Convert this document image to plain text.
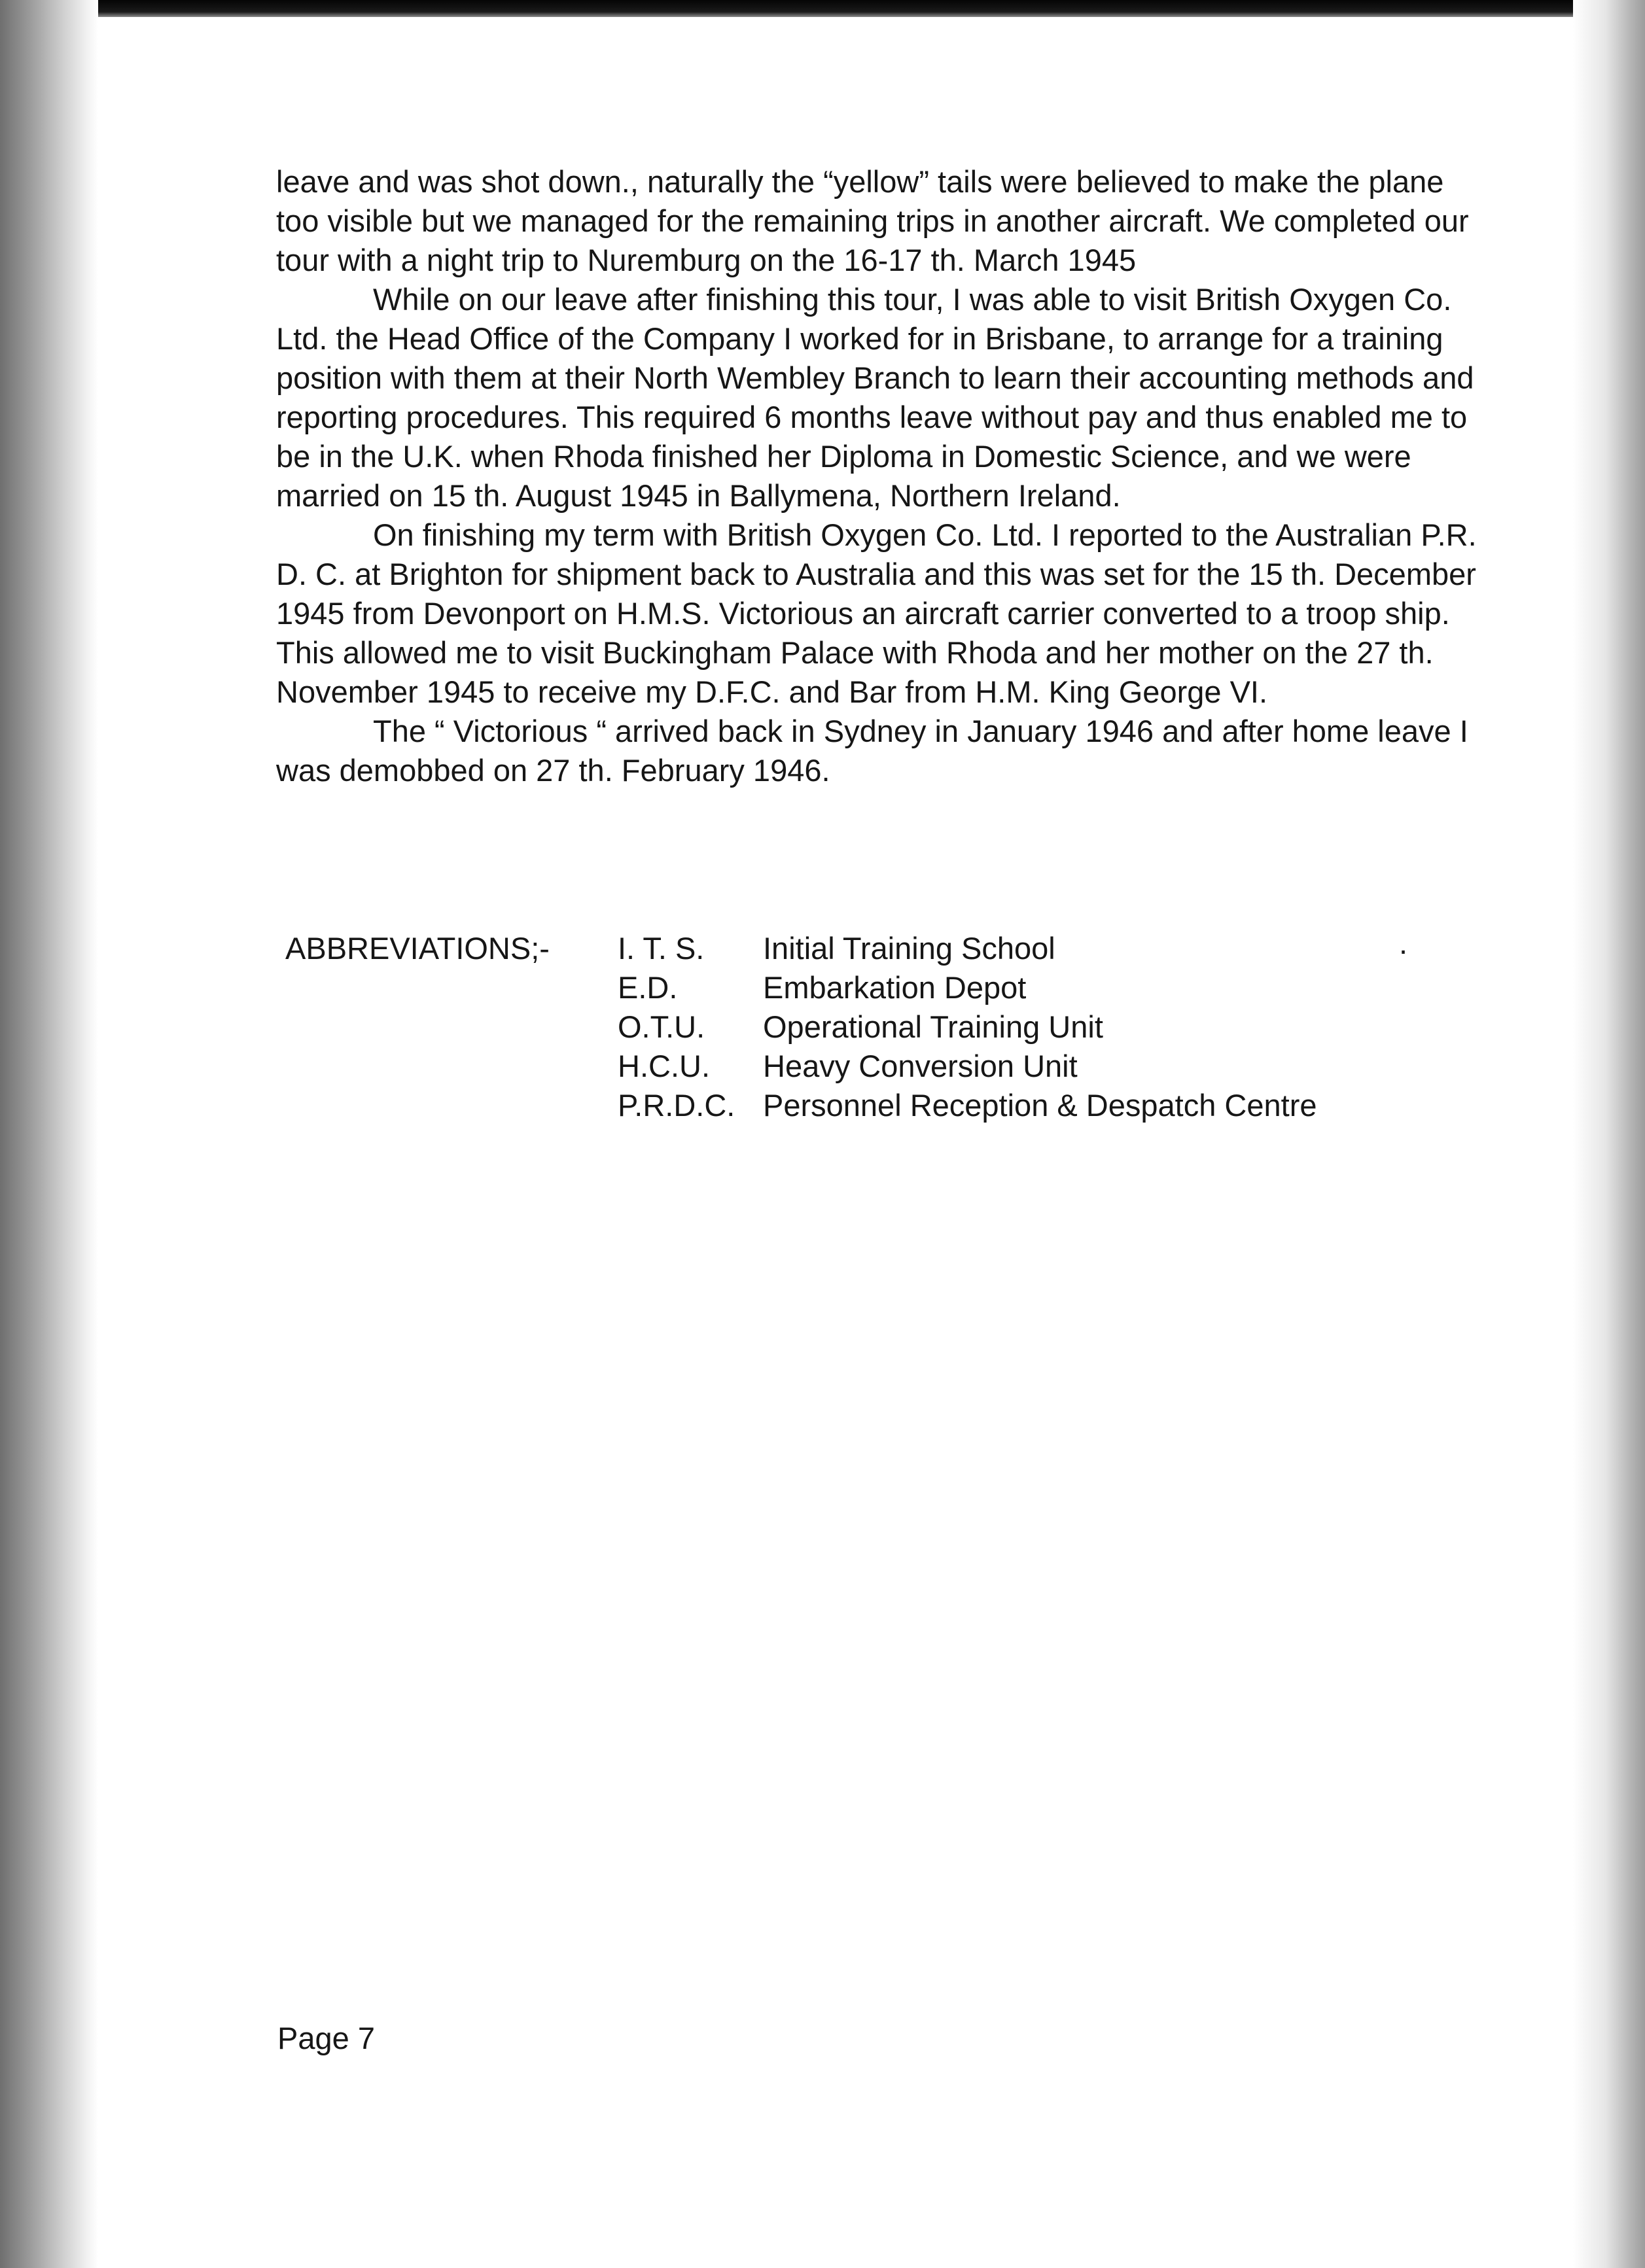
leave and was shot down., naturally the “yellow” tails were believed to make the plane too visible but we managed for the remaining trips in another aircraft. We completed our tour with a night trip to Nuremburg on the 16-17 th. March 1945

While on our leave after finishing this tour, I was able to visit British Oxygen Co. Ltd. the Head Office of the Company I worked for in Brisbane, to arrange for a training position with them at their North Wembley Branch to learn their accounting methods and reporting procedures. This required 6 months leave without pay and thus enabled me to be in the U.K. when Rhoda finished her Diploma in Domestic Science, and we were married on 15 th. August 1945 in Ballymena, Northern Ireland.

On finishing my term with British Oxygen Co. Ltd. I reported to the Australian P.R. D. C. at Brighton for shipment back to Australia and this was set for the 15 th. December 1945 from Devonport on H.M.S. Victorious an aircraft carrier converted to a troop ship. This allowed me to visit Buckingham Palace with Rhoda and her mother on the 27 th. November 1945 to receive my D.F.C. and Bar from H.M. King George VI.

The “ Victorious “ arrived back in Sydney in January 1946 and after home leave I was demobbed on 27 th. February 1946.

ABBREVIATIONS;- I. T. S.	Initial Training School
E.D.	Embarkation Depot
O.T.U.	Operational Training Unit
H.C.U.	Heavy Conversion Unit
P.R.D.C. Personnel Reception & Despatch Centre
.
Page 7
